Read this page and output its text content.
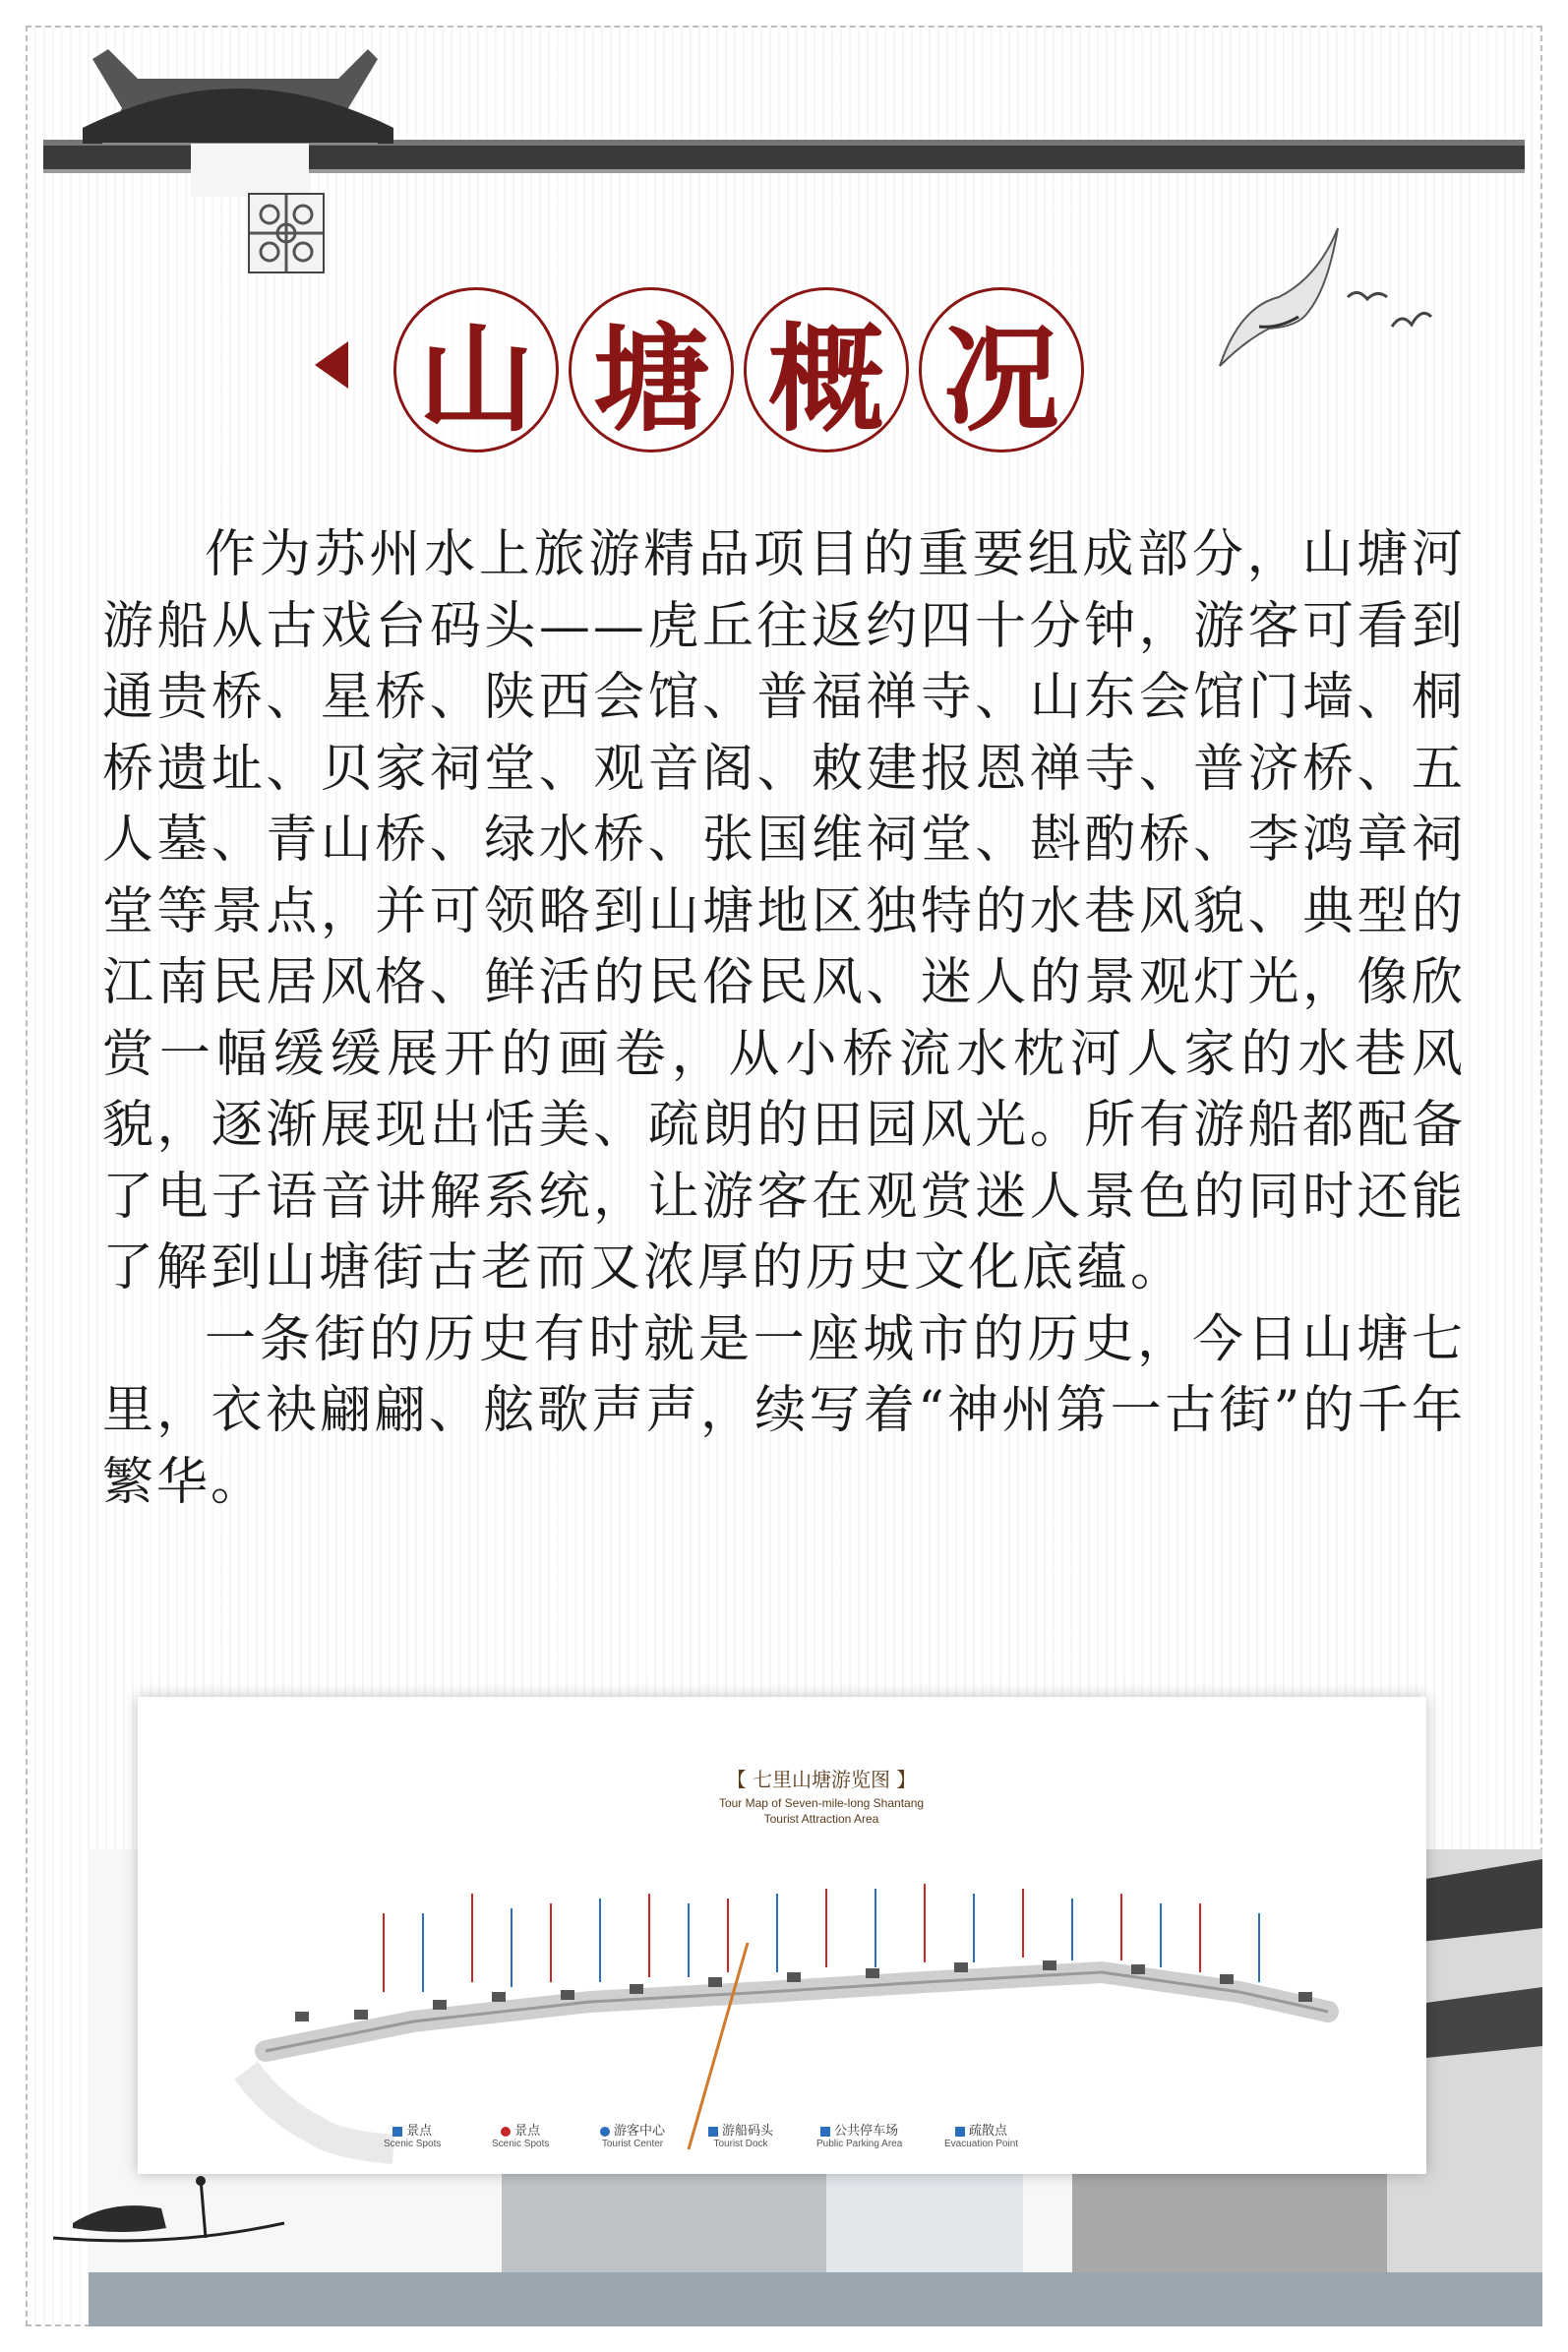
山 塘 概 况

作为苏州水上旅游精品项目的重要组成部分，山塘河游船从古戏台码头——虎丘往返约四十分钟，游客可看到通贵桥、星桥、陕西会馆、普福禅寺、山东会馆门墙、桐桥遗址、贝家祠堂、观音阁、敕建报恩禅寺、普济桥、五人墓、青山桥、绿水桥、张国维祠堂、斟酌桥、李鸿章祠堂等景点，并可领略到山塘地区独特的水巷风貌、典型的江南民居风格、鲜活的民俗民风、迷人的景观灯光，像欣赏一幅缓缓展开的画卷，从小桥流水枕河人家的水巷风貌，逐渐展现出恬美、疏朗的田园风光。所有游船都配备了电子语音讲解系统，让游客在观赏迷人景色的同时还能了解到山塘街古老而又浓厚的历史文化底蕴。

一条街的历史有时就是一座城市的历史，今日山塘七里，衣袂翩翩、舷歌声声，续写着“神州第一古街”的千年繁华。

【 七里山塘游览图 】
Tour Map of Seven-mile-long Shantang
Tourist Attraction Area
景点
Scenic Spots
景点
Scenic Spots
游客中心
Tourist Center
游船码头
Tourist Dock
公共停车场
Public Parking Area
疏散点
Evacuation Point
